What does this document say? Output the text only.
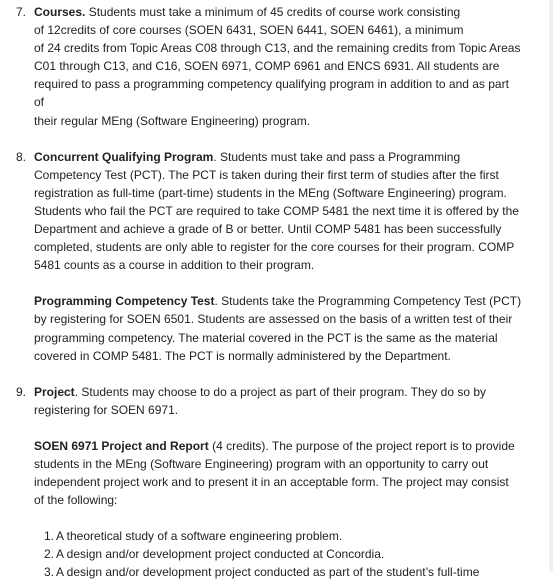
7. Courses. Students must take a minimum of 45 credits of course work consisting
of 12credits of core courses (SOEN 6431, SOEN 6441, SOEN 6461), a minimum
of 24 credits from Topic Areas C08 through C13, and the remaining credits from Topic Areas
C01 through C13, and C16, SOEN 6971, COMP 6961 and ENCS 6931. All students are
required to pass a programming competency qualifying program in addition to and as part of
their regular MEng (Software Engineering) program.
8. Concurrent Qualifying Program. Students must take and pass a Programming Competency Test (PCT). The PCT is taken during their first term of studies after the first registration as full-time (part-time) students in the MEng (Software Engineering) program. Students who fail the PCT are required to take COMP 5481 the next time it is offered by the Department and achieve a grade of B or better. Until COMP 5481 has been successfully completed, students are only able to register for the core courses for their program. COMP 5481 counts as a course in addition to their program.
Programming Competency Test. Students take the Programming Competency Test (PCT) by registering for SOEN 6501. Students are assessed on the basis of a written test of their programming competency. The material covered in the PCT is the same as the material covered in COMP 5481. The PCT is normally administered by the Department.
9. Project. Students may choose to do a project as part of their program. They do so by registering for SOEN 6971.
SOEN 6971 Project and Report (4 credits). The purpose of the project report is to provide students in the MEng (Software Engineering) program with an opportunity to carry out independent project work and to present it in an acceptable form. The project may consist of the following:
1. A theoretical study of a software engineering problem.
2. A design and/or development project conducted at Concordia.
3. A design and/or development project conducted as part of the student’s full-time
